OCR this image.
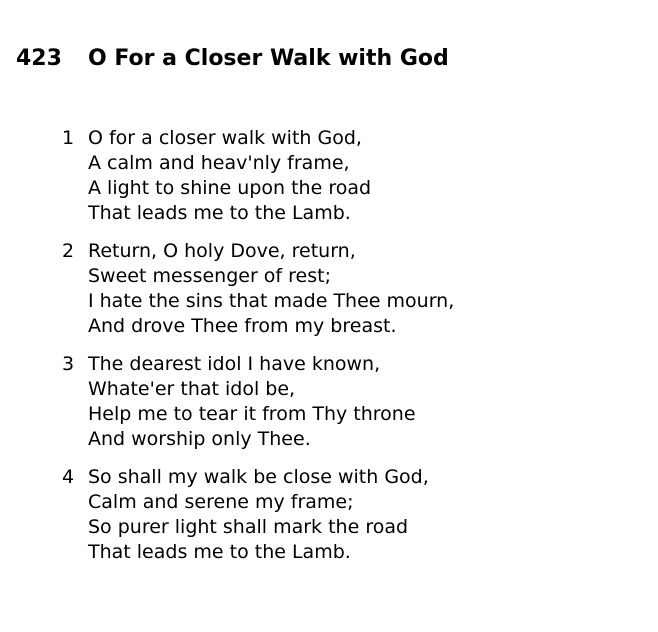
423 O For a Closer Walk with God
1 O for a closer walk with God,
A calm and heav'nly frame,
A light to shine upon the road
That leads me to the Lamb.
2 Return, O holy Dove, return,
Sweet messenger of rest;
I hate the sins that made Thee mourn,
And drove Thee from my breast.
3 The dearest idol I have known,
Whate'er that idol be,
Help me to tear it from Thy throne
And worship only Thee.
4 So shall my walk be close with God,
Calm and serene my frame;
So purer light shall mark the road
That leads me to the Lamb.
